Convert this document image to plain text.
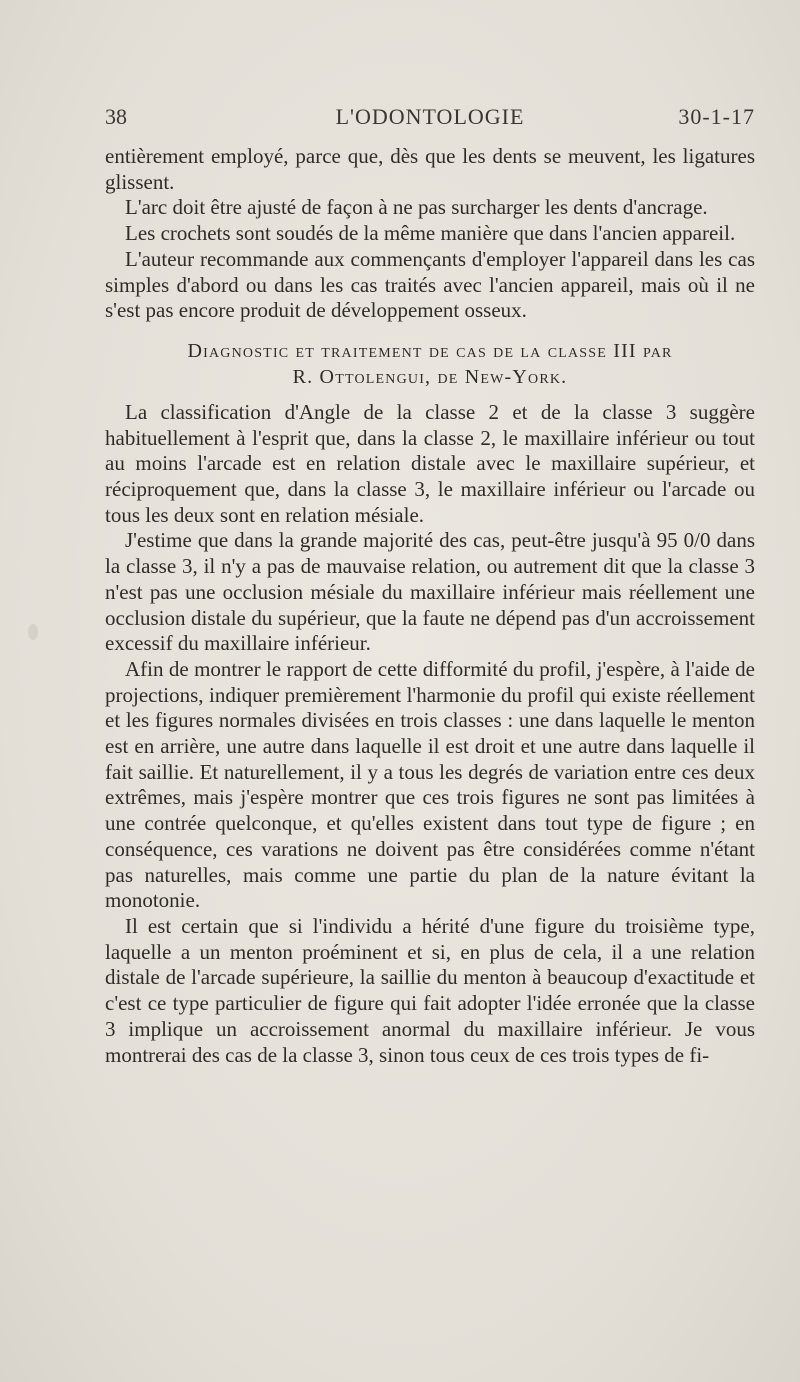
38	L'ODONTOLOGIE	30-1-17

entièrement employé, parce que, dès que les dents se meuvent, les ligatures glissent.

L'arc doit être ajusté de façon à ne pas surcharger les dents d'ancrage.

Les crochets sont soudés de la même manière que dans l'ancien appareil.

L'auteur recommande aux commençants d'employer l'appareil dans les cas simples d'abord ou dans les cas traités avec l'ancien appareil, mais où il ne s'est pas encore produit de développement osseux.

Diagnostic et traitement de cas de la classe III par
R. Ottolengui, de New-York.

La classification d'Angle de la classe 2 et de la classe 3 suggère habituellement à l'esprit que, dans la classe 2, le maxillaire inférieur ou tout au moins l'arcade est en relation distale avec le maxillaire supérieur, et réciproquement que, dans la classe 3, le maxillaire inférieur ou l'arcade ou tous les deux sont en relation mésiale.

J'estime que dans la grande majorité des cas, peut-être jusqu'à 95 0/0 dans la classe 3, il n'y a pas de mauvaise relation, ou autrement dit que la classe 3 n'est pas une occlusion mésiale du maxillaire inférieur mais réellement une occlusion distale du supérieur, que la faute ne dépend pas d'un accroissement excessif du maxillaire inférieur.

Afin de montrer le rapport de cette difformité du profil, j'espère, à l'aide de projections, indiquer premièrement l'harmonie du profil qui existe réellement et les figures normales divisées en trois classes : une dans laquelle le menton est en arrière, une autre dans laquelle il est droit et une autre dans laquelle il fait saillie. Et naturellement, il y a tous les degrés de variation entre ces deux extrêmes, mais j'espère montrer que ces trois figures ne sont pas limitées à une contrée quelconque, et qu'elles existent dans tout type de figure ; en conséquence, ces varations ne doivent pas être considérées comme n'étant pas naturelles, mais comme une partie du plan de la nature évitant la monotonie.

Il est certain que si l'individu a hérité d'une figure du troisième type, laquelle a un menton proéminent et si, en plus de cela, il a une relation distale de l'arcade supérieure, la saillie du menton à beaucoup d'exactitude et c'est ce type particulier de figure qui fait adopter l'idée erronée que la classe 3 implique un accroissement anormal du maxillaire inférieur. Je vous montrerai des cas de la classe 3, sinon tous ceux de ces trois types de fi-
